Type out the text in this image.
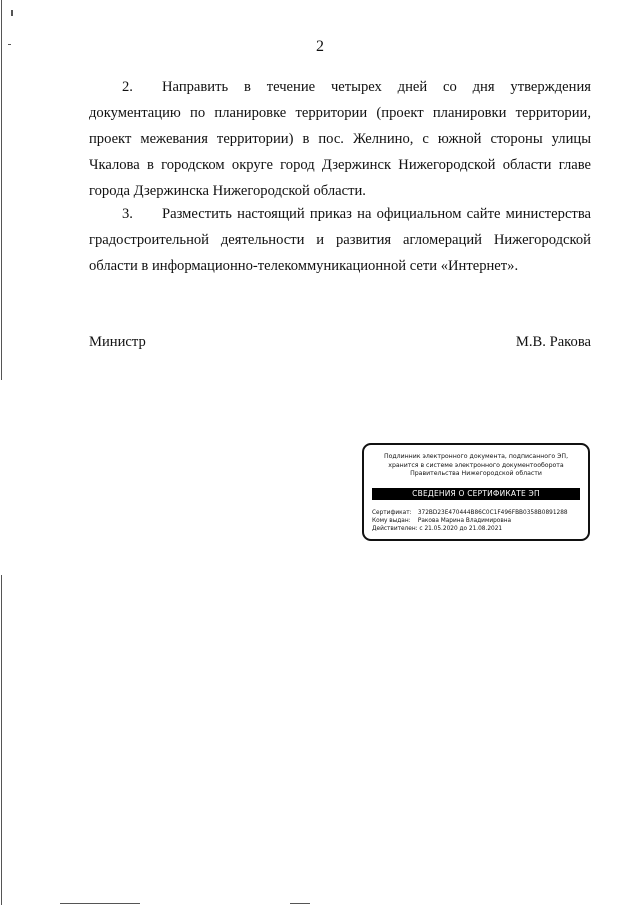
2
2. Направить в течение четырех дней со дня утверждения документацию по планировке территории (проект планировки территории, проект межевания территории) в пос. Желнино, с южной стороны улицы Чкалова в городском округе город Дзержинск Нижегородской области главе города Дзержинска Нижегородской области.
3. Разместить настоящий приказ на официальном сайте министерства градостроительной деятельности и развития агломераций Нижегородской области в информационно-телекоммуникационной сети «Интернет».
Министр	М.В. Ракова
Подлинник электронного документа, подписанного ЭП,
хранится в системе электронного документооборота
Правительства Нижегородской области
СВЕДЕНИЯ О СЕРТИФИКАТЕ ЭП
Сертификат: 372BD23E470444B86C0C1F496FBB0358B0891288
Кому выдан: Ракова Марина Владимировна
Действителен: с 21.05.2020 до 21.08.2021
